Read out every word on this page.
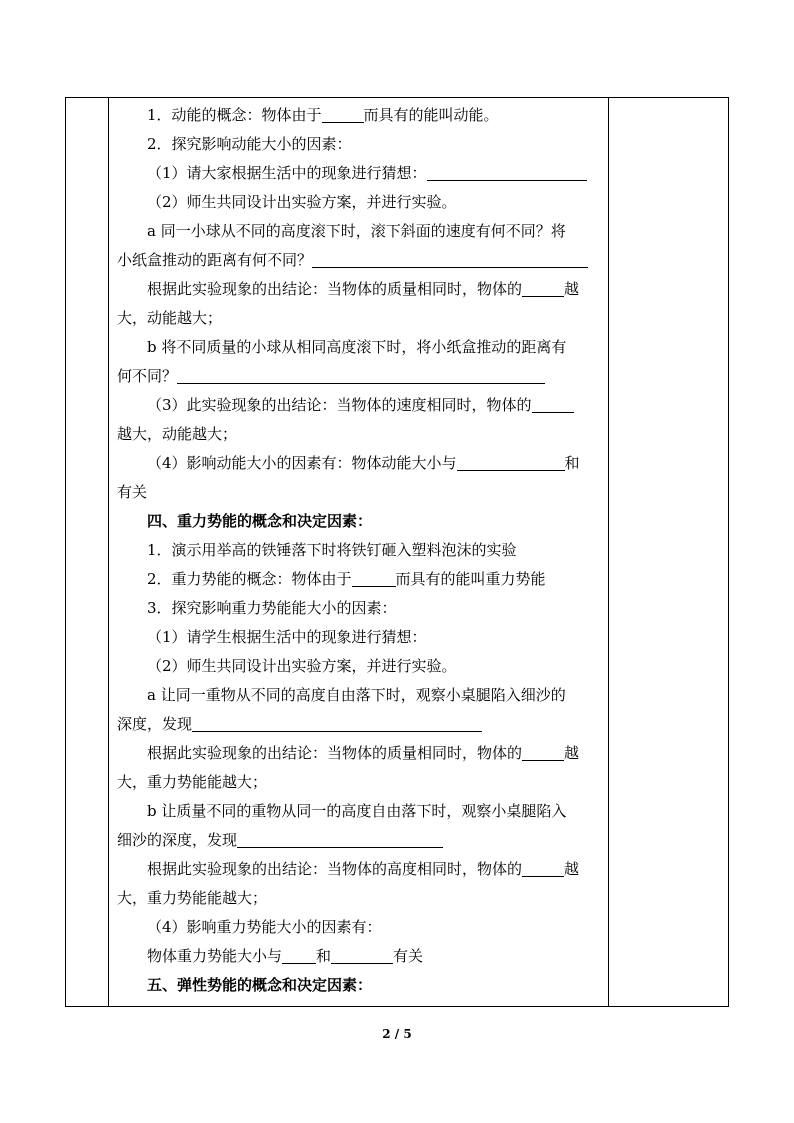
1．动能的概念：物体由于	而具有的能叫动能。
2．探究影响动能大小的因素：
（1）请大家根据生活中的现象进行猜想：
（2）师生共同设计出实验方案，并进行实验。
a 同一小球从不同的高度滚下时，滚下斜面的速度有何不同？将
小纸盒推动的距离有何不同？
根据此实验现象的出结论：当物体的质量相同时，物体的	越
大，动能越大；
b 将不同质量的小球从相同高度滚下时，将小纸盒推动的距离有
何不同？
（3）此实验现象的出结论：当物体的速度相同时，物体的
越大，动能越大；
（4）影响动能大小的因素有：物体动能大小与	和
有关
四、重力势能的概念和决定因素：
1．演示用举高的铁锤落下时将铁钉砸入塑料泡沫的实验
2．重力势能的概念：物体由于	而具有的能叫重力势能
3．探究影响重力势能能大小的因素：
（1）请学生根据生活中的现象进行猜想：
（2）师生共同设计出实验方案，并进行实验。
a 让同一重物从不同的高度自由落下时，观察小桌腿陷入细沙的
深度，发现
根据此实验现象的出结论：当物体的质量相同时，物体的	越
大，重力势能能越大；
b 让质量不同的重物从同一的高度自由落下时，观察小桌腿陷入
细沙的深度，发现
根据此实验现象的出结论：当物体的高度相同时，物体的	越
大，重力势能能越大；
（4）影响重力势能大小的因素有：
物体重力势能大小与 和	有关
五、弹性势能的概念和决定因素：
2 / 5
